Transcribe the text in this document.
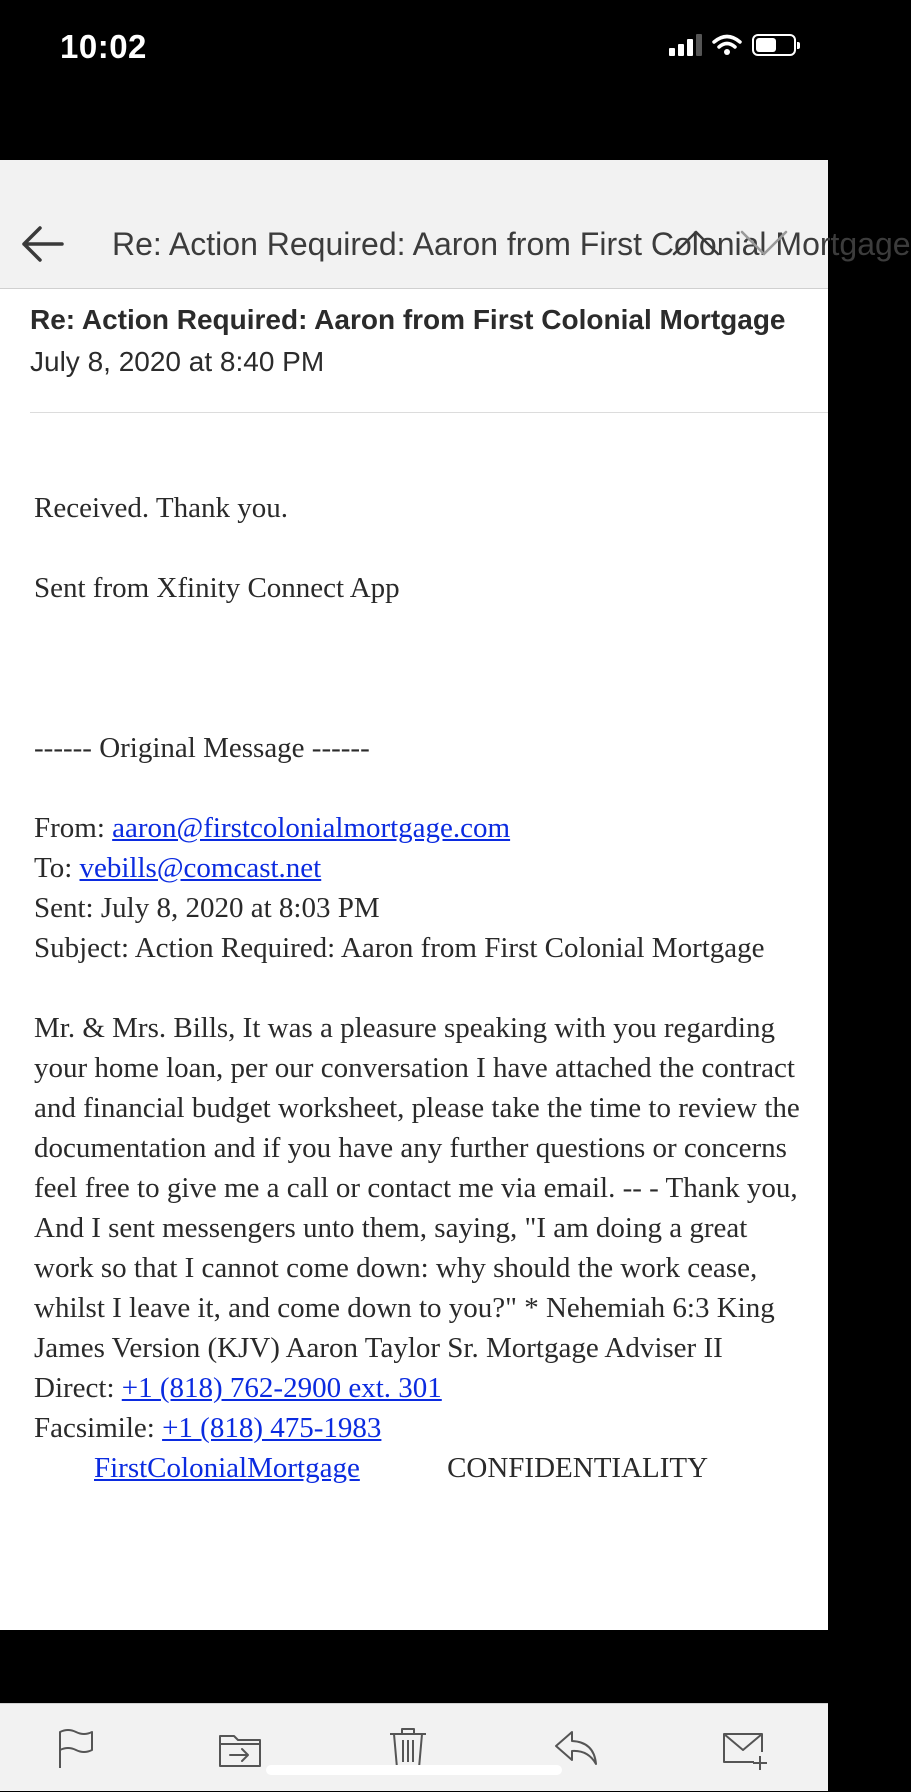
10:02
Re: Action Required: Aaron from First Colonial Mortgage
Re: Action Required: Aaron from First Colonial Mortgage
July 8, 2020 at 8:40 PM

Received. Thank you.

Sent from Xfinity Connect App

------ Original Message ------

From: aaron@firstcolonialmortgage.com

To: vebills@comcast.net

Sent: July 8, 2020 at 8:03 PM

Subject: Action Required: Aaron from First Colonial Mortgage

Mr. & Mrs. Bills, It was a pleasure speaking with you regarding your home loan, per our conversation I have attached the contract and financial budget worksheet, please take the time to review the documentation and if you have any further questions or concerns feel free to give me a call or contact me via email. -- - Thank you, And I sent messengers unto them, saying, "I am doing a great work so that I cannot come down: why should the work cease, whilst I leave it, and come down to you?" * Nehemiah 6:3 King James Version (KJV) Aaron Taylor Sr. Mortgage Adviser II Direct: +1 (818) 762-2900 ext. 301
Facsimile: +1 (818) 475-1983
FirstColonialMortgage	CONFIDENTIALITY
